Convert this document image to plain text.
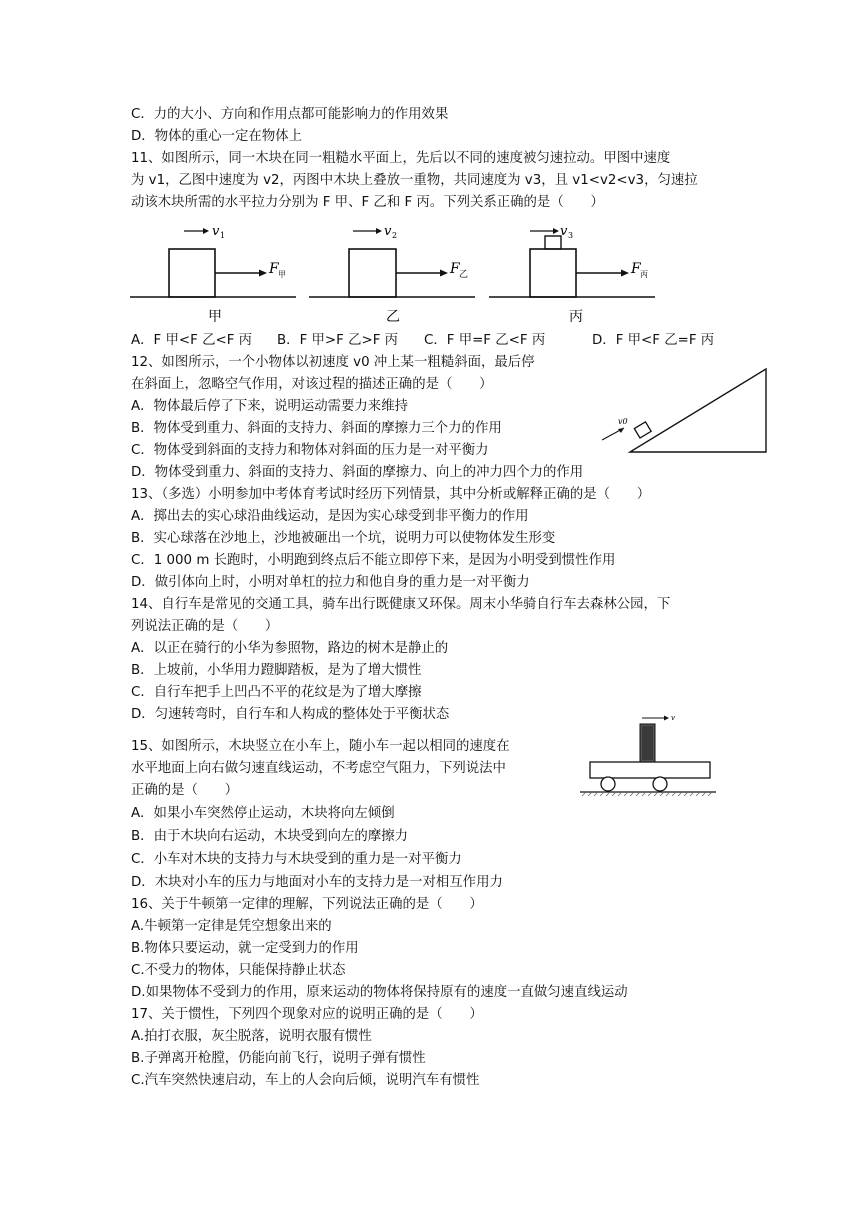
C．力的大小、方向和作用点都可能影响力的作用效果
D．物体的重心一定在物体上
11、如图所示，同一木块在同一粗糙水平面上，先后以不同的速度被匀速拉动。甲图中速度
为 v1，乙图中速度为 v2，丙图中木块上叠放一重物，共同速度为 v3，且 v1<v2<v3，匀速拉
动该木块所需的水平拉力分别为 F 甲、F 乙和 F 丙。下列关系正确的是（　　）
v 1
F 甲
甲
v 2
F 乙
乙
v 3
F 丙
丙
A．F 甲<F 乙<F 丙 B．F 甲>F 乙>F 丙 C．F 甲=F 乙<F 丙	D．F 甲<F 乙=F 丙
12、如图所示，一个小物体以初速度 v0 冲上某一粗糙斜面，最后停
在斜面上，忽略空气作用，对该过程的描述正确的是（　　）
A．物体最后停了下来，说明运动需要力来维持
B．物体受到重力、斜面的支持力、斜面的摩擦力三个力的作用
C．物体受到斜面的支持力和物体对斜面的压力是一对平衡力
D．物体受到重力、斜面的支持力、斜面的摩擦力、向上的冲力四个力的作用
13、（多选）小明参加中考体育考试时经历下列情景，其中分析或解释正确的是（　　）
A．掷出去的实心球沿曲线运动，是因为实心球受到非平衡力的作用
B．实心球落在沙地上，沙地被砸出一个坑，说明力可以使物体发生形变
C．1 000 m 长跑时，小明跑到终点后不能立即停下来，是因为小明受到惯性作用
D．做引体向上时，小明对单杠的拉力和他自身的重力是一对平衡力
14、自行车是常见的交通工具，骑车出行既健康又环保。周末小华骑自行车去森林公园，下
列说法正确的是（　　）
A．以正在骑行的小华为参照物，路边的树木是静止的
B．上坡前，小华用力蹬脚踏板，是为了增大惯性
C．自行车把手上凹凸不平的花纹是为了增大摩擦
D．匀速转弯时，自行车和人构成的整体处于平衡状态
15、如图所示，木块竖立在小车上，随小车一起以相同的速度在
水平地面上向右做匀速直线运动，不考虑空气阻力，下列说法中
正确的是（　　）
A．如果小车突然停止运动，木块将向左倾倒
B．由于木块向右运动，木块受到向左的摩擦力
C．小车对木块的支持力与木块受到的重力是一对平衡力
D．木块对小车的压力与地面对小车的支持力是一对相互作用力
16、关于牛顿第一定律的理解，下列说法正确的是（　　）
A.牛顿第一定律是凭空想象出来的
B.物体只要运动，就一定受到力的作用
C.不受力的物体，只能保持静止状态
D.如果物体不受到力的作用，原来运动的物体将保持原有的速度一直做匀速直线运动
17、关于惯性，下列四个现象对应的说明正确的是（　　）
A.拍打衣服，灰尘脱落，说明衣服有惯性
B.子弹离开枪膛，仍能向前飞行，说明子弹有惯性
C.汽车突然快速启动，车上的人会向后倾，说明汽车有惯性
v0
v
